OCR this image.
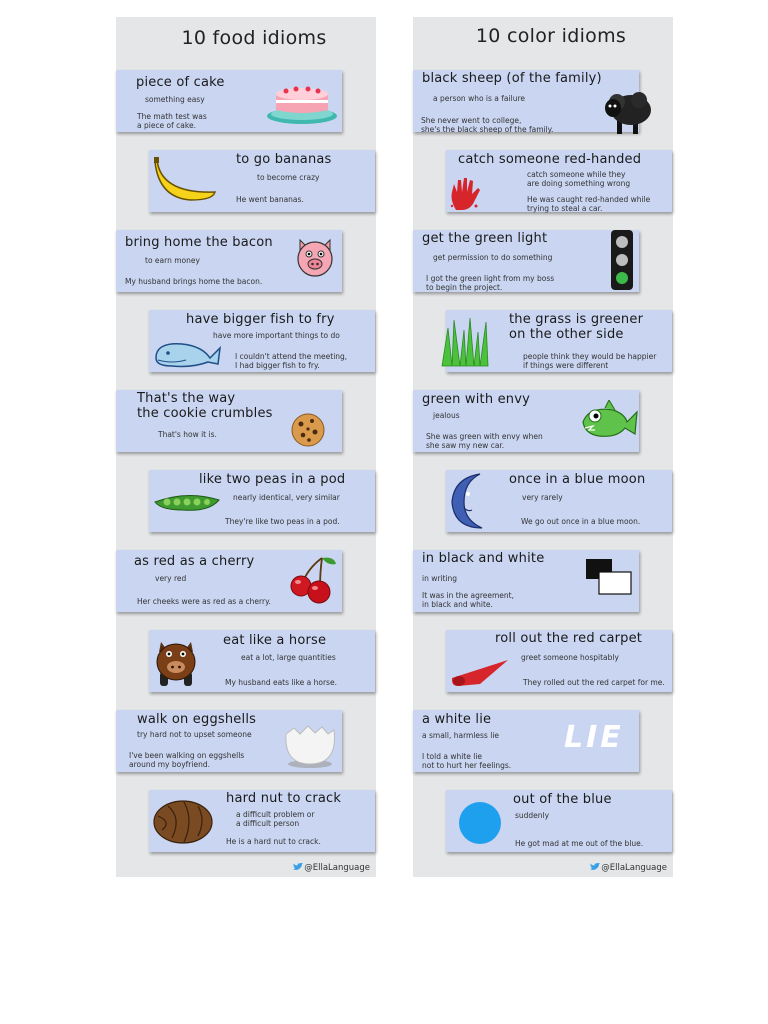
10 food idioms
piece of cake
something easy
The math test was
a piece of cake.
to go bananas
to become crazy
He went bananas.
bring home the bacon
to earn money
My husband brings home the bacon.
have bigger fish to fry
have more important things to do
I couldn't attend the meeting,
I had bigger fish to fry.
That's the way
the cookie crumbles
That's how it is.
like two peas in a pod
nearly identical, very similar
They're like two peas in a pod.
as red as a cherry
very red
Her cheeks were as red as a cherry.
eat like a horse
eat a lot, large quantities
My husband eats like a horse.
walk on eggshells
try hard not to upset someone
I've been walking on eggshells
around my boyfriend.
hard nut to crack
a difficult problem or
a difficult person
He is a hard nut to crack.
@EllaLanguage
10 color idioms
black sheep (of the family)
a person who is a failure
She never went to college,
she's the black sheep of the family.
catch someone red-handed
catch someone while they
are doing something wrong
He was caught red-handed while
trying to steal a car.
get the green light
get permission to do something
I got the green light from my boss
to begin the project.
the grass is greener
on the other side
people think they would be happier
if things were different
green with envy
jealous
She was green with envy when
she saw my new car.
once in a blue moon
very rarely
We go out once in a blue moon.
in black and white
in writing
It was in the agreement,
in black and white.
roll out the red carpet
greet someone hospitably
They rolled out the red carpet for me.
a white lie
a small, harmless lie
I told a white lie
not to hurt her feelings.
LIE
out of the blue
suddenly
He got mad at me out of the blue.
@EllaLanguage
